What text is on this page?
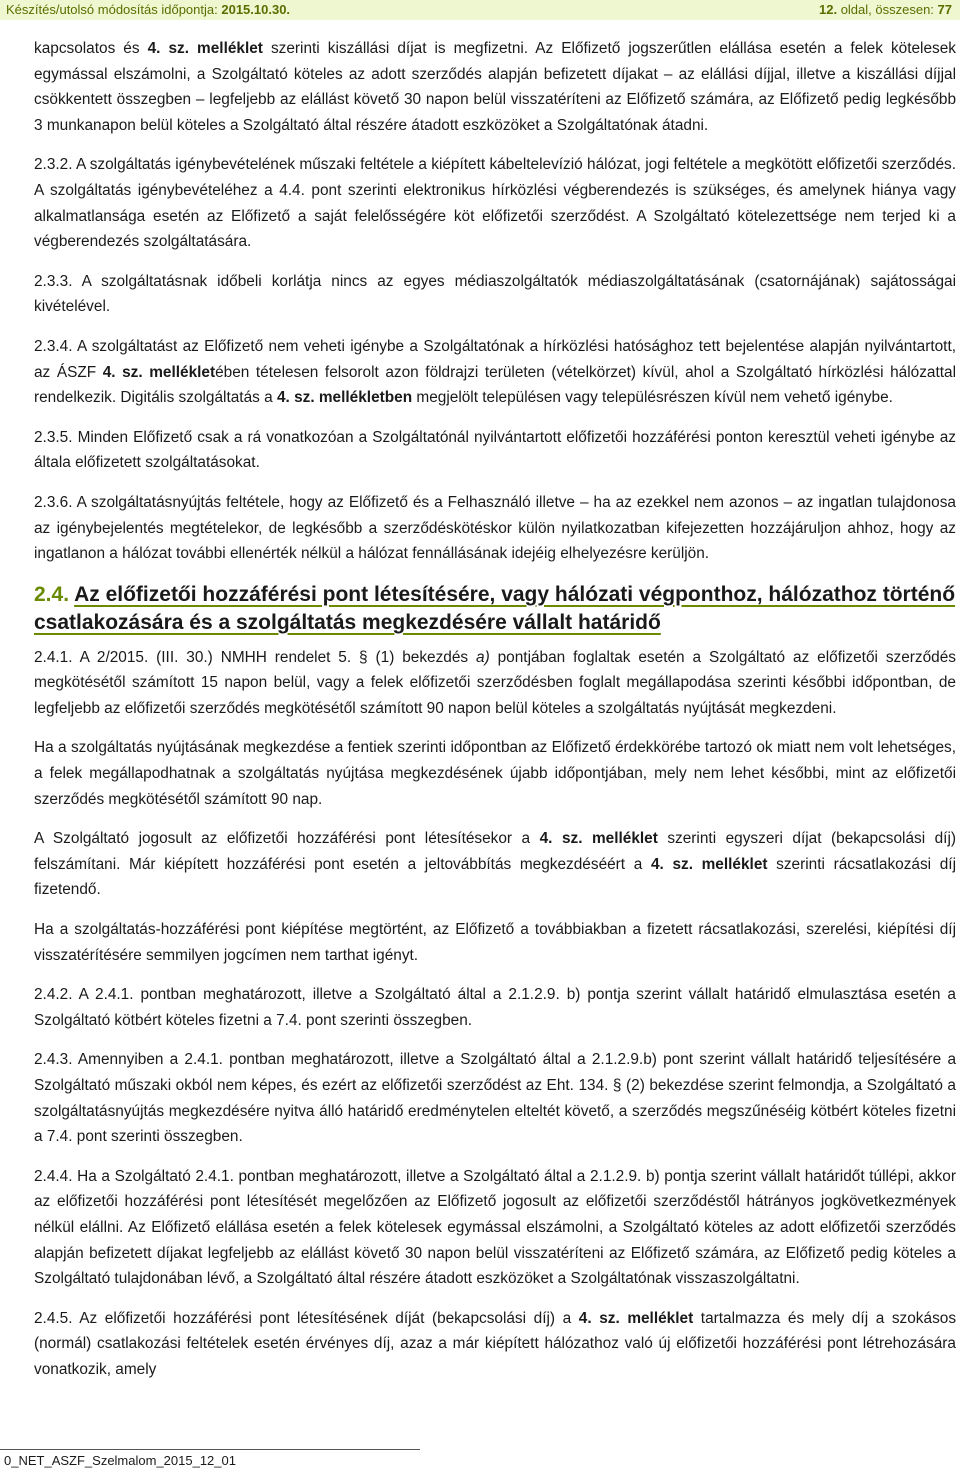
Készítés/utolsó módosítás időpontja: 2015.10.30.	12. oldal, összesen: 77

kapcsolatos és 4. sz. melléklet szerinti kiszállási díjat is megfizetni. Az Előfizető jogszerűtlen elállása esetén a felek kötelesek egymással elszámolni, a Szolgáltató köteles az adott szerződés alapján befizetett díjakat – az elállási díjjal, illetve a kiszállási díjjal csökkentett összegben – legfeljebb az elállást követő 30 napon belül visszatéríteni az Előfizető számára, az Előfizető pedig legkésőbb 3 munkanapon belül köteles a Szolgáltató által részére átadott eszközöket a Szolgáltatónak átadni.

2.3.2. A szolgáltatás igénybevételének műszaki feltétele a kiépített kábeltelevízió hálózat, jogi feltétele a megkötött előfizetői szerződés. A szolgáltatás igénybevételéhez a 4.4. pont szerinti elektronikus hírközlési végberendezés is szükséges, és amelynek hiánya vagy alkalmatlansága esetén az Előfizető a saját felelősségére köt előfizetői szerződést. A Szolgáltató kötelezettsége nem terjed ki a végberendezés szolgáltatására.

2.3.3. A szolgáltatásnak időbeli korlátja nincs az egyes médiaszolgáltatók médiaszolgáltatásának (csatornájának) sajátosságai kivételével.

2.3.4. A szolgáltatást az Előfizető nem veheti igénybe a Szolgáltatónak a hírközlési hatósághoz tett bejelentése alapján nyilvántartott, az ÁSZF 4. sz. mellékletében tételesen felsorolt azon földrajzi területen (vételkörzet) kívül, ahol a Szolgáltató hírközlési hálózattal rendelkezik. Digitális szolgáltatás a 4. sz. mellékletben megjelölt településen vagy településrészen kívül nem vehető igénybe.

2.3.5. Minden Előfizető csak a rá vonatkozóan a Szolgáltatónál nyilvántartott előfizetői hozzáférési ponton keresztül veheti igénybe az általa előfizetett szolgáltatásokat.

2.3.6. A szolgáltatásnyújtás feltétele, hogy az Előfizető és a Felhasználó illetve – ha az ezekkel nem azonos – az ingatlan tulajdonosa az igénybejelentés megtételekor, de legkésőbb a szerződéskötéskor külön nyilatkozatban kifejezetten hozzájáruljon ahhoz, hogy az ingatlanon a hálózat további ellenérték nélkül a hálózat fennállásának idejéig elhelyezésre kerüljön.

2.4. Az előfizetői hozzáférési pont létesítésére, vagy hálózati végponthoz, hálózathoz történő csatlakozására és a szolgáltatás megkezdésére vállalt határidő

2.4.1. A 2/2015. (III. 30.) NMHH rendelet 5. § (1) bekezdés a) pontjában foglaltak esetén a Szolgáltató az előfizetői szerződés megkötésétől számított 15 napon belül, vagy a felek előfizetői szerződésben foglalt megállapodása szerinti későbbi időpontban, de legfeljebb az előfizetői szerződés megkötésétől számított 90 napon belül köteles a szolgáltatás nyújtását megkezdeni.

Ha a szolgáltatás nyújtásának megkezdése a fentiek szerinti időpontban az Előfizető érdekkörébe tartozó ok miatt nem volt lehetséges, a felek megállapodhatnak a szolgáltatás nyújtása megkezdésének újabb időpontjában, mely nem lehet későbbi, mint az előfizetői szerződés megkötésétől számított 90 nap.

A Szolgáltató jogosult az előfizetői hozzáférési pont létesítésekor a 4. sz. melléklet szerinti egyszeri díjat (bekapcsolási díj) felszámítani. Már kiépített hozzáférési pont esetén a jeltovábbítás megkezdéséért a 4. sz. melléklet szerinti rácsatlakozási díj fizetendő.

Ha a szolgáltatás-hozzáférési pont kiépítése megtörtént, az Előfizető a továbbiakban a fizetett rácsatlakozási, szerelési, kiépítési díj visszatérítésére semmilyen jogcímen nem tarthat igényt.

2.4.2. A 2.4.1. pontban meghatározott, illetve a Szolgáltató által a 2.1.2.9. b) pontja szerint vállalt határidő elmulasztása esetén a Szolgáltató kötbért köteles fizetni a 7.4. pont szerinti összegben.

2.4.3. Amennyiben a 2.4.1. pontban meghatározott, illetve a Szolgáltató által a 2.1.2.9.b) pont szerint vállalt határidő teljesítésére a Szolgáltató műszaki okból nem képes, és ezért az előfizetői szerződést az Eht. 134. § (2) bekezdése szerint felmondja, a Szolgáltató a szolgáltatásnyújtás megkezdésére nyitva álló határidő eredménytelen elteltét követő, a szerződés megszűnéséig kötbért köteles fizetni a 7.4. pont szerinti összegben.

2.4.4. Ha a Szolgáltató 2.4.1. pontban meghatározott, illetve a Szolgáltató által a 2.1.2.9. b) pontja szerint vállalt határidőt túllépi, akkor az előfizetői hozzáférési pont létesítését megelőzően az Előfizető jogosult az előfizetői szerződéstől hátrányos jogkövetkezmények nélkül elállni. Az Előfizető elállása esetén a felek kötelesek egymással elszámolni, a Szolgáltató köteles az adott előfizetői szerződés alapján befizetett díjakat legfeljebb az elállást követő 30 napon belül visszatéríteni az Előfizető számára, az Előfizető pedig köteles a Szolgáltató tulajdonában lévő, a Szolgáltató által részére átadott eszközöket a Szolgáltatónak visszaszolgáltatni.

2.4.5. Az előfizetői hozzáférési pont létesítésének díját (bekapcsolási díj) a 4. sz. melléklet tartalmazza és mely díj a szokásos (normál) csatlakozási feltételek esetén érvényes díj, azaz a már kiépített hálózathoz való új előfizetői hozzáférési pont létrehozására vonatkozik, amely

0_NET_ASZF_Szelmalom_2015_12_01
